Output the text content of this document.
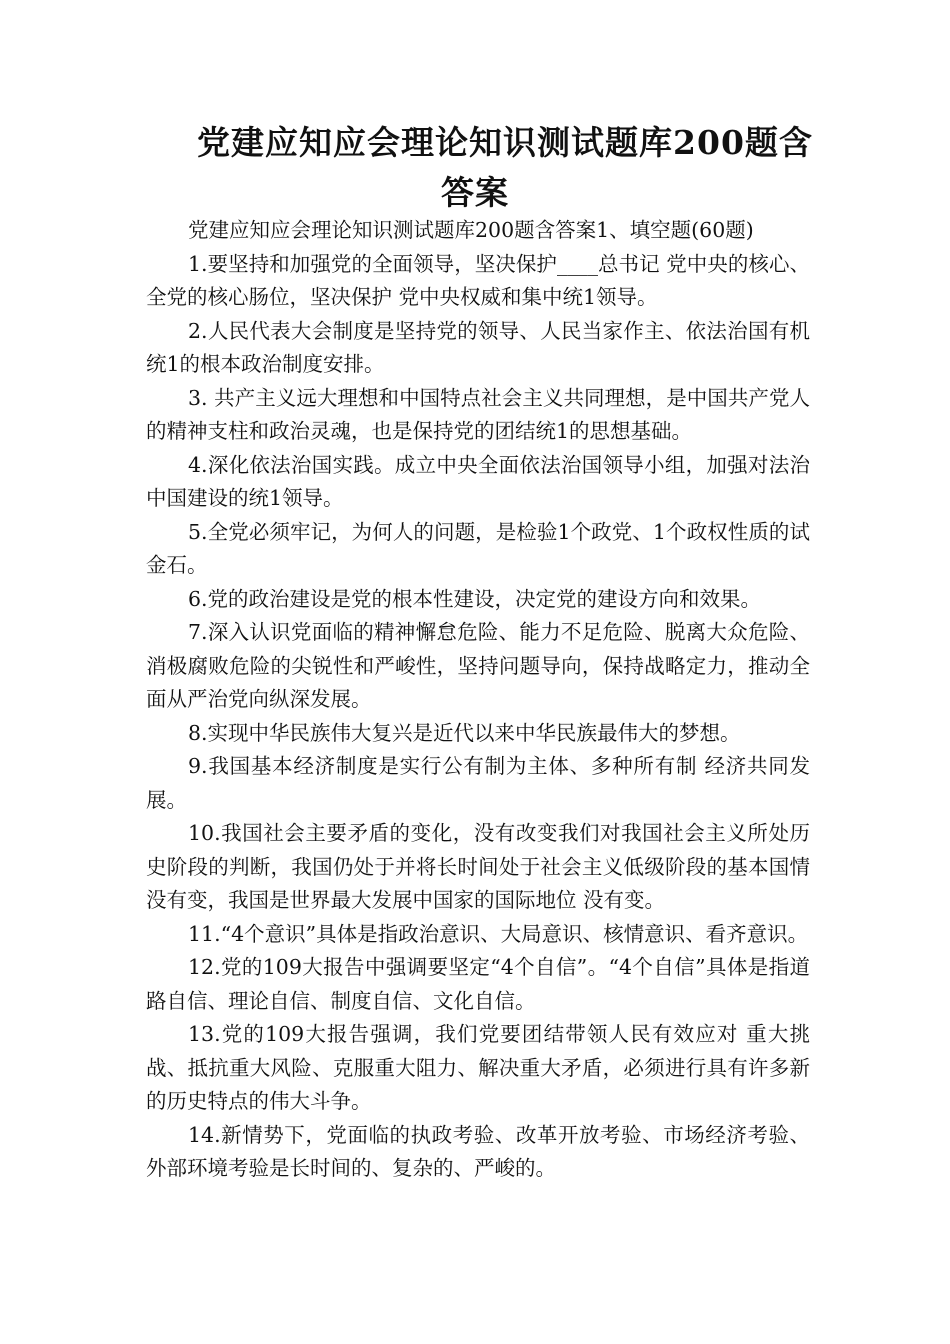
党建应知应会理论知识测试题库200题含
答案

党建应知应会理论知识测试题库200题含答案1、填空题(60题)

1.要坚持和加强党的全面领导，坚决保护____总书记 党中央的核心、全党的核心肠位，坚决保护 党中央权威和集中统1领导。

2.人民代表大会制度是坚持党的领导、人民当家作主、依法治国有机统1的根本政治制度安排。

3. 共产主义远大理想和中国特点社会主义共同理想，是中国共产党人的精神支柱和政治灵魂，也是保持党的团结统1的思想基础。

4.深化依法治国实践。成立中央全面依法治国领导小组，加强对法治中国建设的统1领导。

5.全党必须牢记，为何人的问题，是检验1个政党、1个政权性质的试金石。

6.党的政治建设是党的根本性建设，决定党的建设方向和效果。

7.深入认识党面临的精神懈怠危险、能力不足危险、脱离大众危险、消极腐败危险的尖锐性和严峻性，坚持问题导向，保持战略定力，推动全面从严治党向纵深发展。

8.实现中华民族伟大复兴是近代以来中华民族最伟大的梦想。

9.我国基本经济制度是实行公有制为主体、多种所有制 经济共同发展。

10.我国社会主要矛盾的变化，没有改变我们对我国社会主义所处历史阶段的判断，我国仍处于并将长时间处于社会主义低级阶段的基本国情没有变，我国是世界最大发展中国家的国际地位 没有变。

11.“4个意识”具体是指政治意识、大局意识、核情意识、看齐意识。

12.党的109大报告中强调要坚定“4个自信”。“4个自信”具体是指道路自信、理论自信、制度自信、文化自信。

13.党的109大报告强调，我们党要团结带领人民有效应对 重大挑战、抵抗重大风险、克服重大阻力、解决重大矛盾，必须进行具有许多新的历史特点的伟大斗争。

14.新情势下，党面临的执政考验、改革开放考验、市场经济考验、外部环境考验是长时间的、复杂的、严峻的。
